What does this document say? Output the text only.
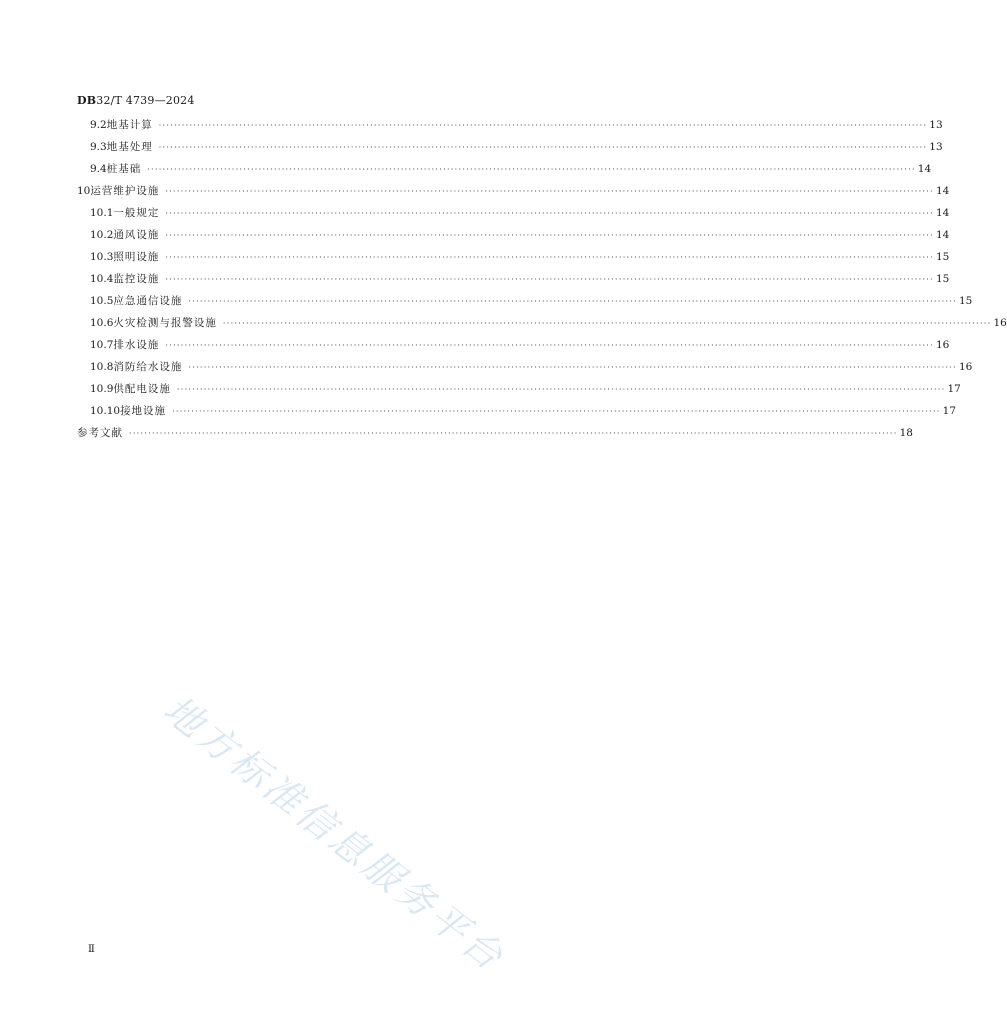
DB32/T 4739—2024
9.2 地基计算 ········································································································································································································ 13
9.3 地基处理 ········································································································································································································ 13
9.4 桩基础 ········································································································································································································ 14
10 运营维护设施 ········································································································································································································ 14
10.1 一般规定 ········································································································································································································ 14
10.2 通风设施 ········································································································································································································ 14
10.3 照明设施 ········································································································································································································ 15
10.4 监控设施 ········································································································································································································ 15
10.5 应急通信设施 ········································································································································································································ 15
10.6 火灾检测与报警设施 ········································································································································································································ 16
10.7 排水设施 ········································································································································································································ 16
10.8 消防给水设施 ········································································································································································································ 16
10.9 供配电设施 ········································································································································································································ 17
10.10 接地设施 ········································································································································································································ 17
参考文献 ········································································································································································································ 18
地方标准信息服务平台
Ⅱ
